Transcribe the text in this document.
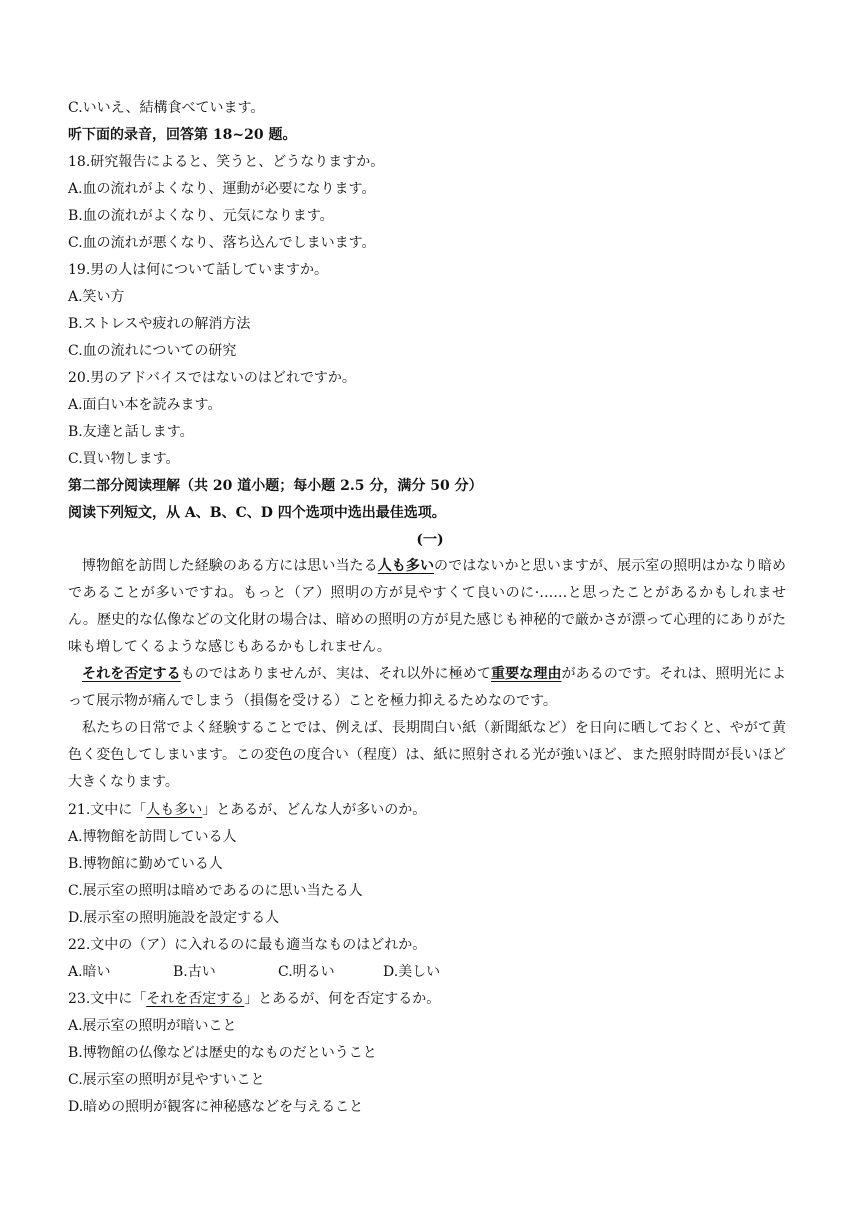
C.いいえ、結構食べています。
听下面的录音，回答第 18~20 题。
18.研究報告によると、笑うと、どうなりますか。
A.血の流れがよくなり、運動が必要になります。
B.血の流れがよくなり、元気になります。
C.血の流れが悪くなり、落ち込んでしまいます。
19.男の人は何について話していますか。
A.笑い方
B.ストレスや疲れの解消方法
C.血の流れについての研究
20.男のアドバイスではないのはどれですか。
A.面白い本を読みます。
B.友達と話します。
C.買い物します。
第二部分阅读理解（共 20 道小题；每小题 2.5 分，满分 50 分）
阅读下列短文，从 A、B、C、D 四个选项中选出最佳选项。
(一)

博物館を訪問した経験のある方には思い当たる人も多いのではないかと思いますが、展示室の照明はかなり暗めであることが多いですね。もっと（ア）照明の方が見やすくて良いのに·……と思ったことがあるかもしれません。歴史的な仏像などの文化財の場合は、暗めの照明の方が見た感じも神秘的で厳かさが漂って心理的にありがた味も増してくるような感じもあるかもしれません。

それを否定するものではありませんが、実は、それ以外に極めて重要な理由があるのです。それは、照明光によって展示物が痛んでしまう（損傷を受ける）ことを極力抑えるためなのです。

私たちの日常でよく経験することでは、例えば、長期間白い紙（新聞紙など）を日向に晒しておくと、やがて黄色く変色してしまいます。この変色の度合い（程度）は、紙に照射される光が強いほど、また照射時間が長いほど大きくなります。

21.文中に「人も多い」とあるが、どんな人が多いのか。
A.博物館を訪問している人
B.博物館に勤めている人
C.展示室の照明は暗めであるのに思い当たる人
D.展示室の照明施設を設定する人
22.文中の（ア）に入れるのに最も適当なものはどれか。
A.暗い	B.古い	C.明るい	D.美しい
23.文中に「それを否定する」とあるが、何を否定するか。
A.展示室の照明が暗いこと
B.博物館の仏像などは歴史的なものだということ
C.展示室の照明が見やすいこと
D.暗めの照明が観客に神秘感などを与えること
